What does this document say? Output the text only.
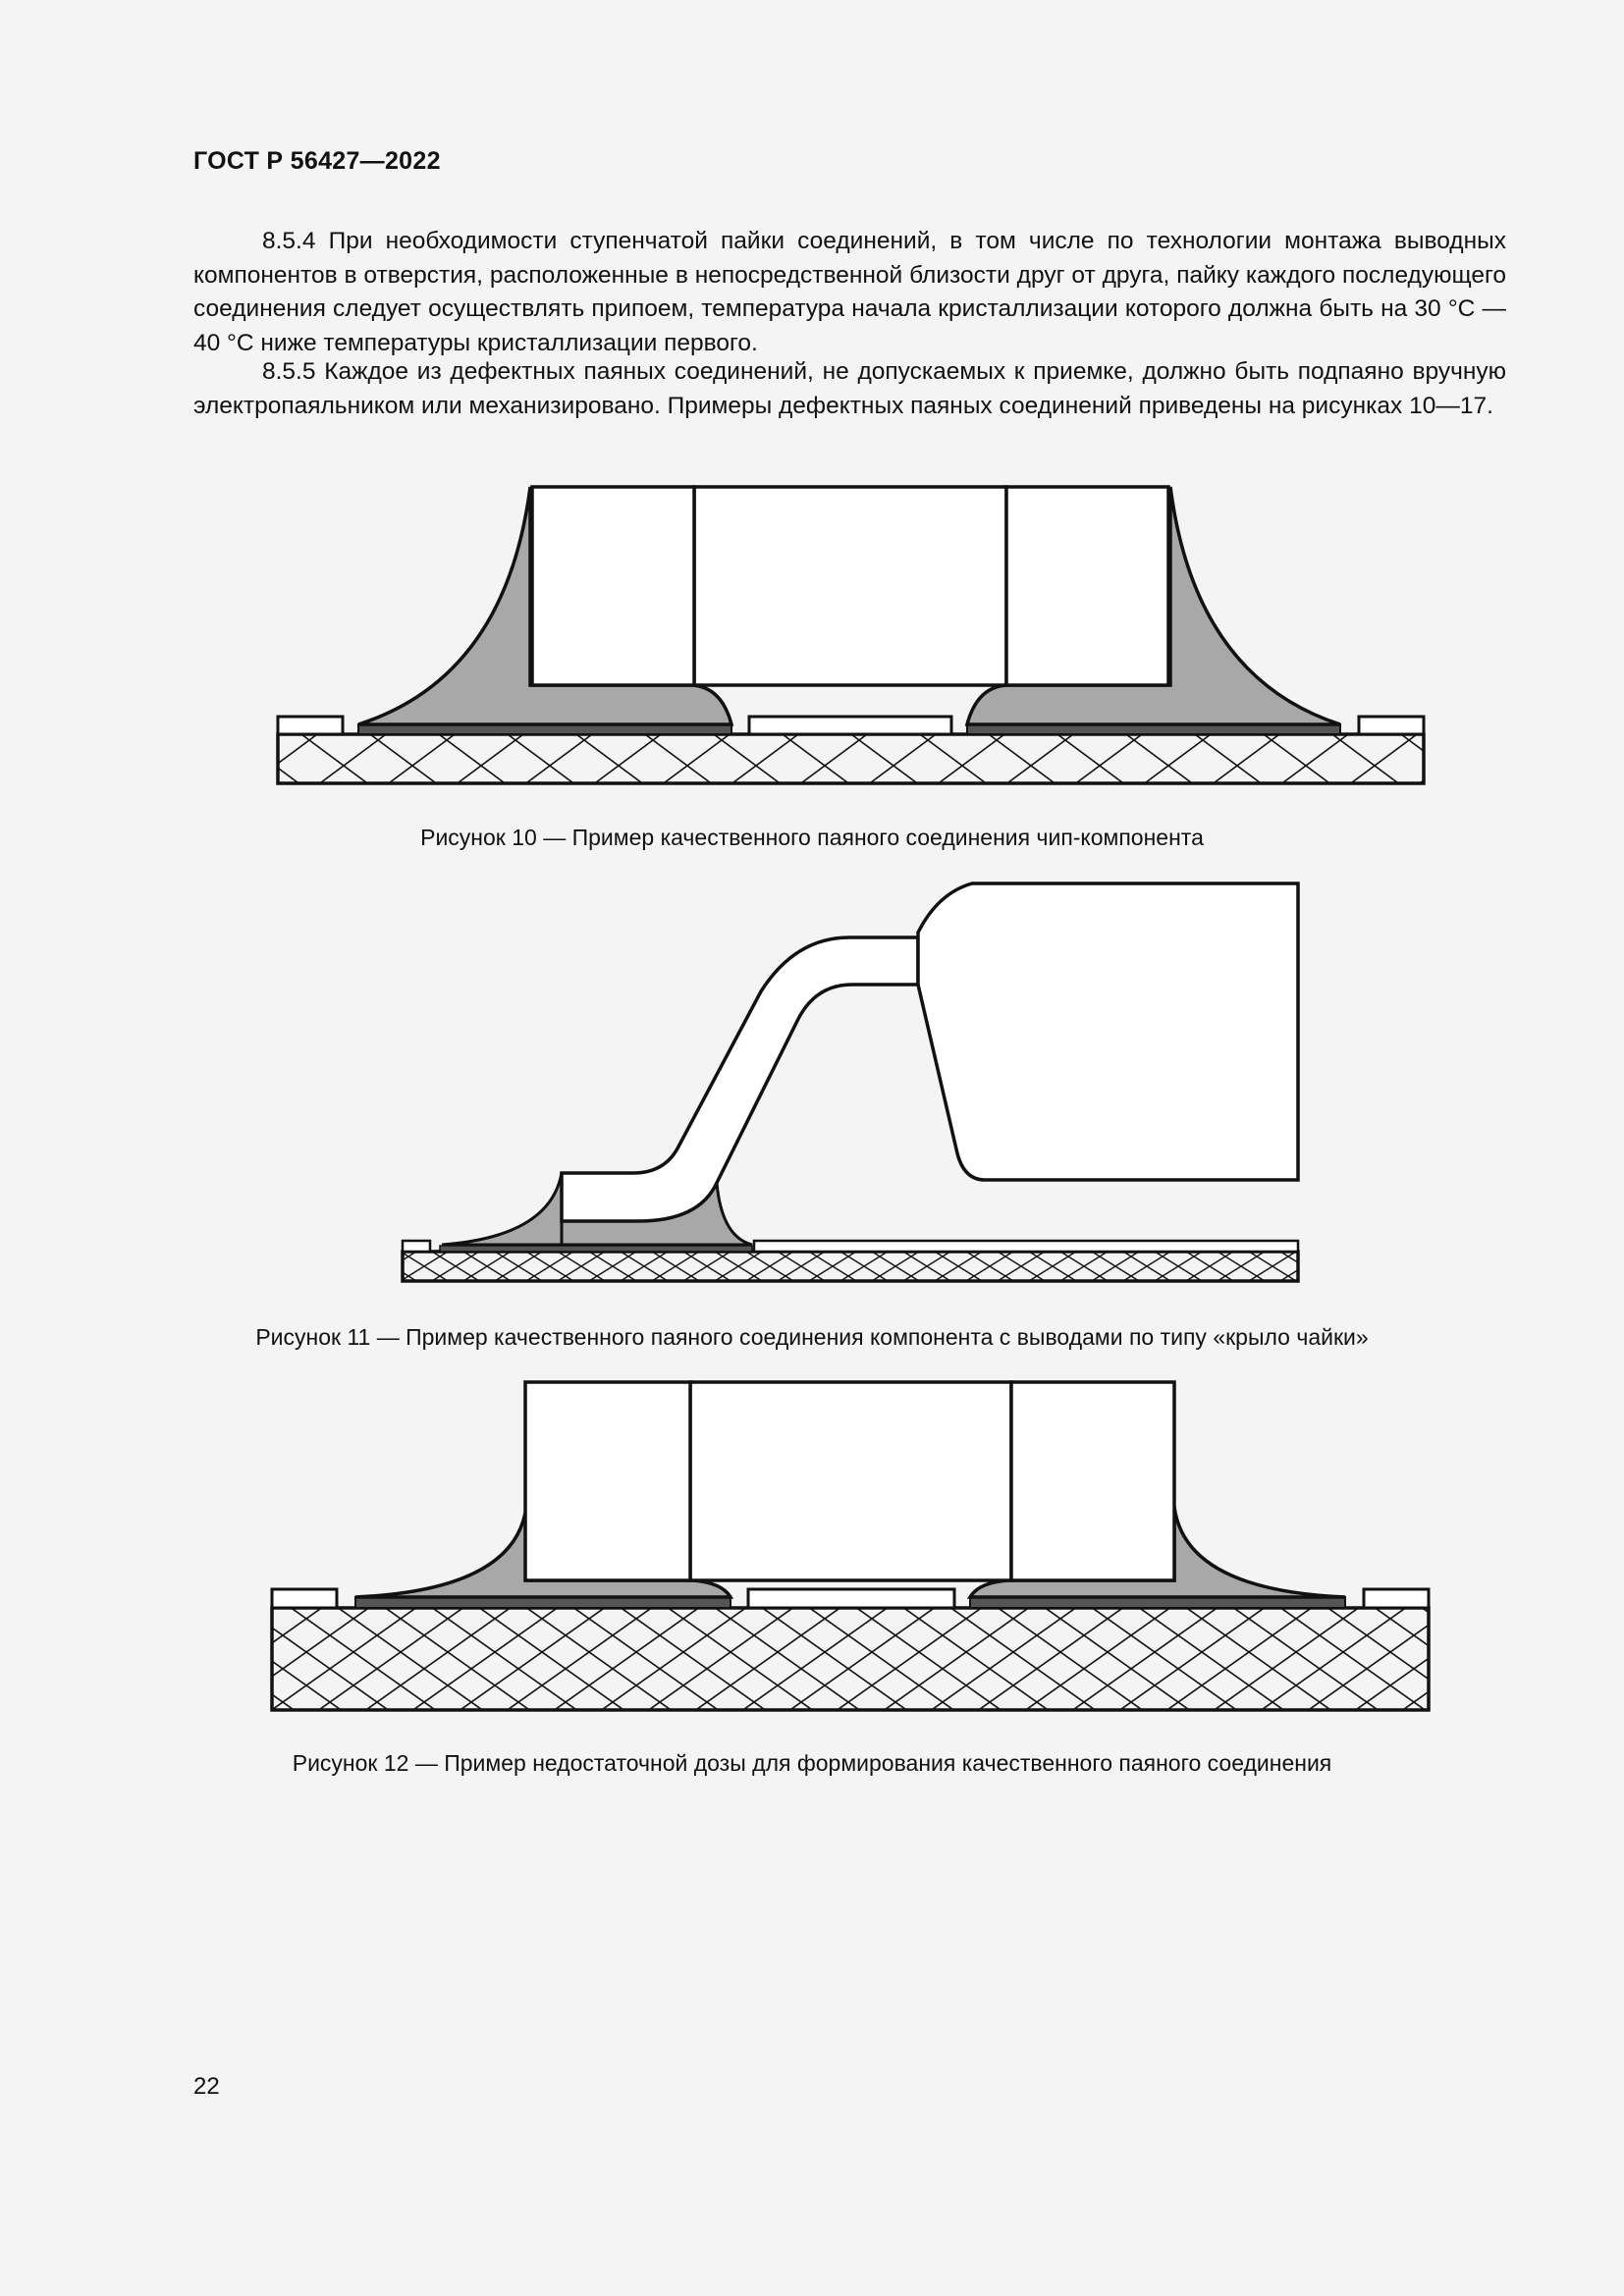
ГОСТ Р 56427—2022

8.5.4 При необходимости ступенчатой пайки соединений, в том числе по технологии монтажа выводных компонентов в отверстия, расположенные в непосредственной близости друг от друга, пайку каждого последующего соединения следует осуществлять припоем, температура начала кристаллизации которого должна быть на 30 °C — 40 °C ниже температуры кристаллизации первого.

8.5.5 Каждое из дефектных паяных соединений, не допускаемых к приемке, должно быть подпаяно вручную электропаяльником или механизировано. Примеры дефектных паяных соединений приведены на рисунках 10—17.

Рисунок 10 — Пример качественного паяного соединения чип-компонента
Рисунок 11 — Пример качественного паяного соединения компонента с выводами по типу «крыло чайки»
Рисунок 12 — Пример недостаточной дозы для формирования качественного паяного соединения
22
